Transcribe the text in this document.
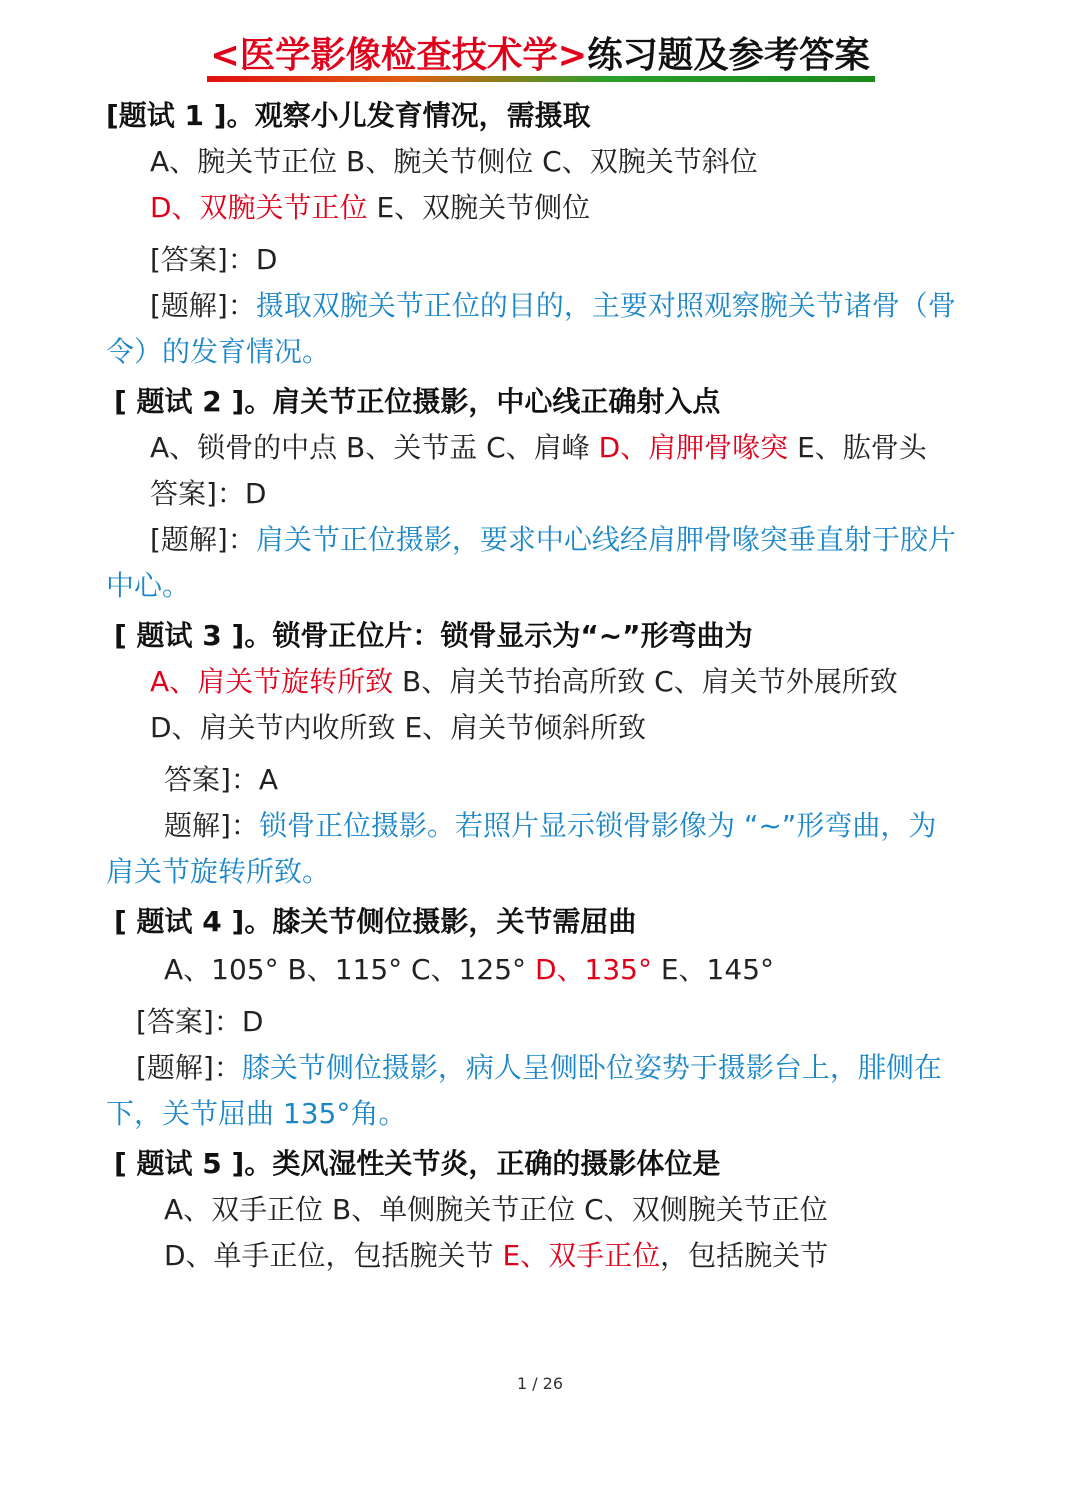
<医学影像检查技术学>练习题及参考答案
[题试 1 ]。观察小儿发育情况，需摄取
A、腕关节正位 B、腕关节侧位 C、双腕关节斜位
D、双腕关节正位 E、双腕关节侧位
[答案]：D
[题解]：摄取双腕关节正位的目的，主要对照观察腕关节诸骨（骨
令）的发育情况。
[ 题试 2 ]。肩关节正位摄影，中心线正确射入点
A、锁骨的中点 B、关节盂 C、肩峰 D、肩胛骨喙突 E、肱骨头
答案]：D
[题解]：肩关节正位摄影，要求中心线经肩胛骨喙突垂直射于胶片
中心。
[ 题试 3 ]。锁骨正位片：锁骨显示为“~”形弯曲为
A、肩关节旋转所致 B、肩关节抬高所致 C、肩关节外展所致
D、肩关节内收所致 E、肩关节倾斜所致
答案]：A
题解]：锁骨正位摄影。若照片显示锁骨影像为 “~”形弯曲，为
肩关节旋转所致。
[ 题试 4 ]。膝关节侧位摄影，关节需屈曲
A、105° B、115° C、125° D、135° E、145°
[答案]：D
[题解]：膝关节侧位摄影，病人呈侧卧位姿势于摄影台上，腓侧在
下，关节屈曲 135°角。
[ 题试 5 ]。类风湿性关节炎，正确的摄影体位是
A、双手正位 B、单侧腕关节正位 C、双侧腕关节正位
D、单手正位，包括腕关节 E、双手正位，包括腕关节
1 / 26
